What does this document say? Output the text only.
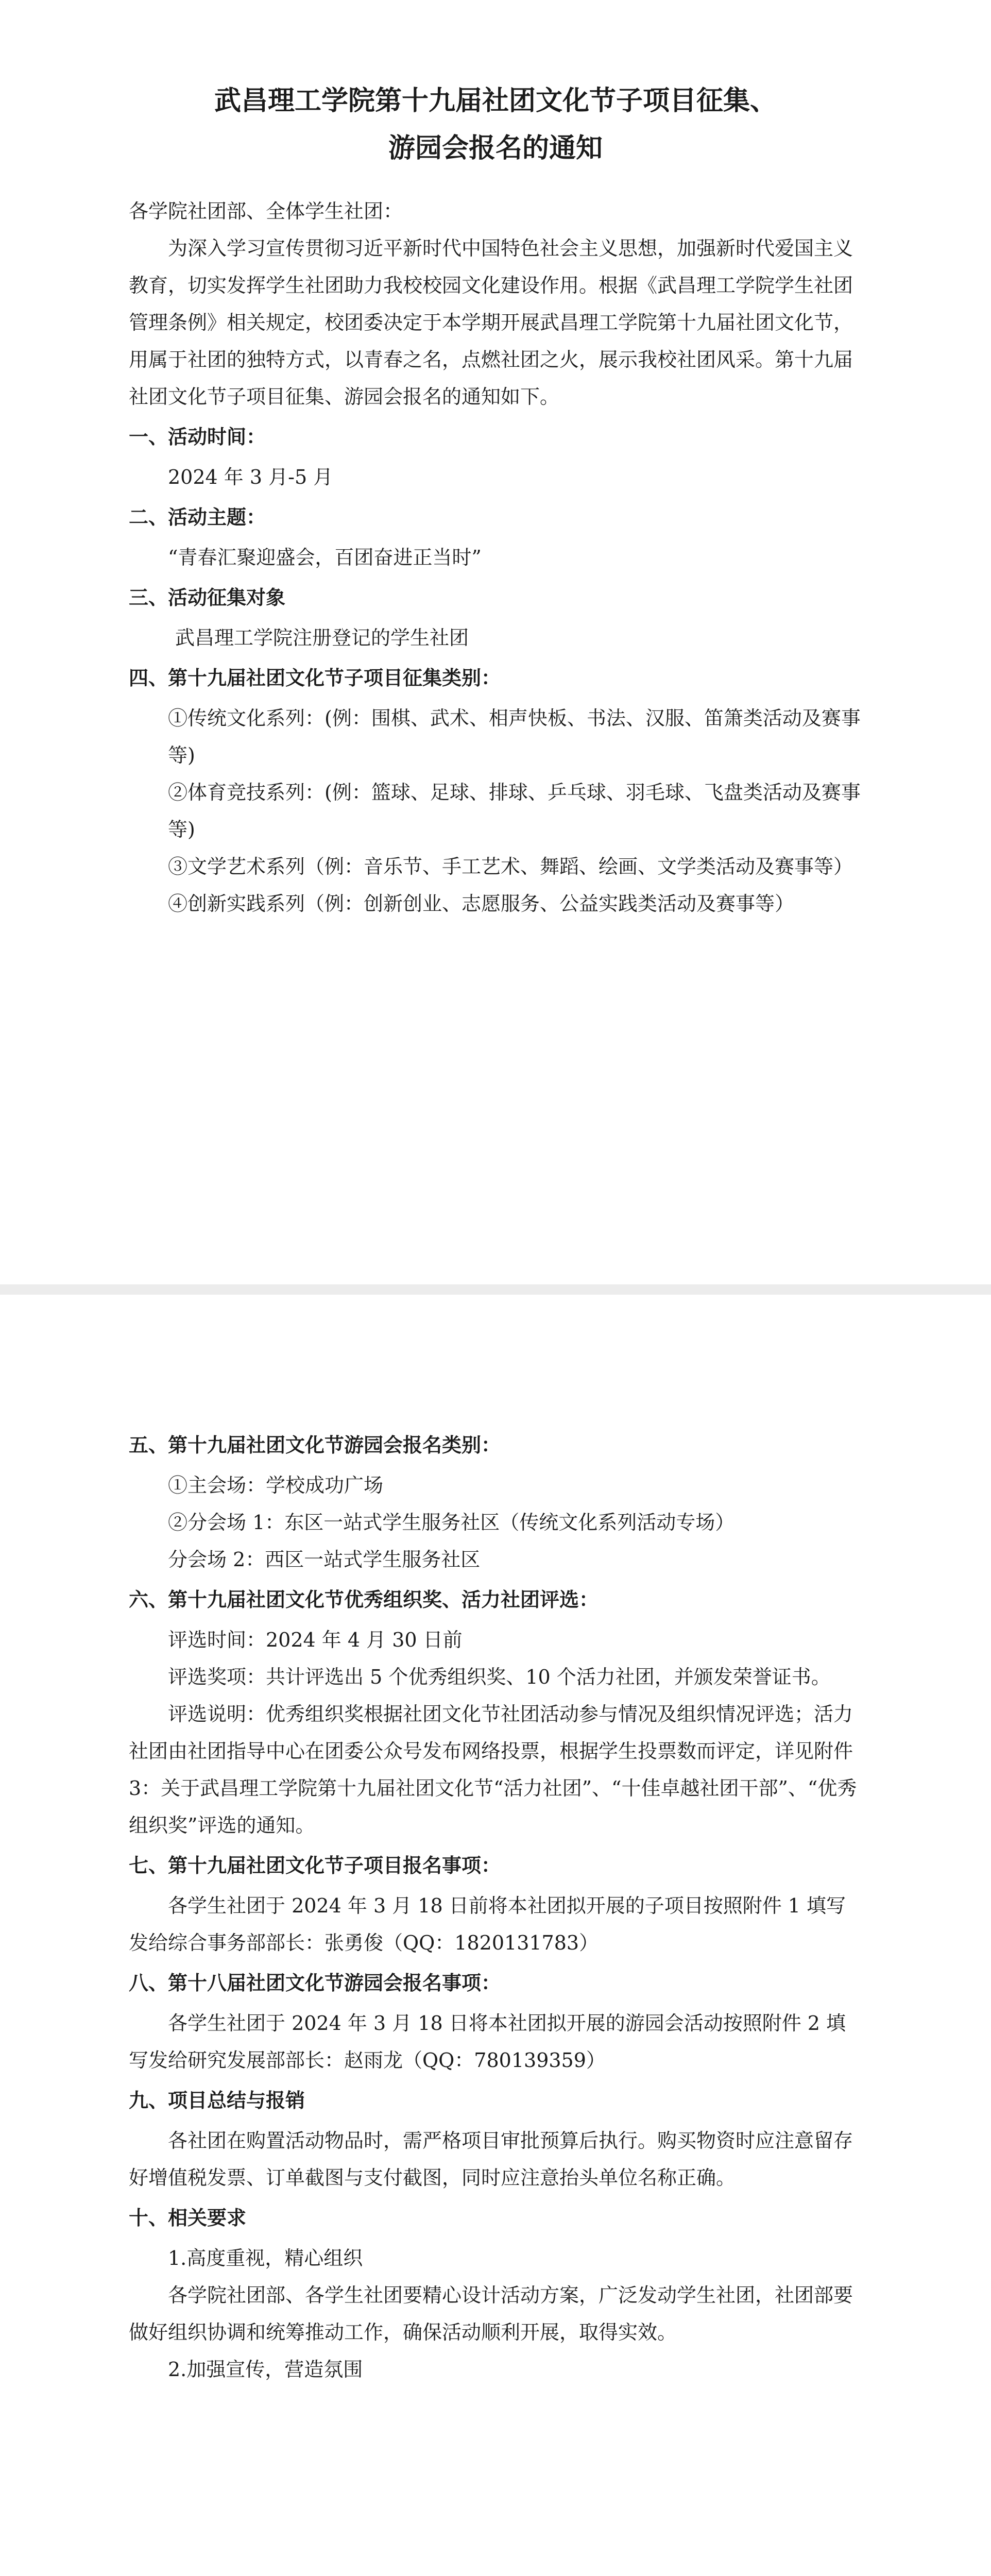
武昌理工学院第十九届社团文化节子项目征集、
游园会报名的通知

各学院社团部、全体学生社团：

为深入学习宣传贯彻习近平新时代中国特色社会主义思想，加强新时代爱国主义教育，切实发挥学生社团助力我校校园文化建设作用。根据《武昌理工学院学生社团管理条例》相关规定，校团委决定于本学期开展武昌理工学院第十九届社团文化节，用属于社团的独特方式，以青春之名，点燃社团之火，展示我校社团风采。第十九届社团文化节子项目征集、游园会报名的通知如下。

一、活动时间：

2024 年 3 月-5 月

二、活动主题：

“青春汇聚迎盛会，百团奋进正当时”

三、活动征集对象

武昌理工学院注册登记的学生社团

四、第十九届社团文化节子项目征集类别：

①传统文化系列：(例：围棋、武术、相声快板、书法、汉服、笛箫类活动及赛事等)

②体育竞技系列：(例：篮球、足球、排球、乒乓球、羽毛球、飞盘类活动及赛事等)

③文学艺术系列（例：音乐节、手工艺术、舞蹈、绘画、文学类活动及赛事等）

④创新实践系列（例：创新创业、志愿服务、公益实践类活动及赛事等）

五、第十九届社团文化节游园会报名类别：

①主会场：学校成功广场

②分会场 1：东区一站式学生服务社区（传统文化系列活动专场）

分会场 2：西区一站式学生服务社区

六、第十九届社团文化节优秀组织奖、活力社团评选：

评选时间：2024 年 4 月 30 日前

评选奖项：共计评选出 5 个优秀组织奖、10 个活力社团，并颁发荣誉证书。

评选说明：优秀组织奖根据社团文化节社团活动参与情况及组织情况评选；活力社团由社团指导中心在团委公众号发布网络投票，根据学生投票数而评定，详见附件 3：关于武昌理工学院第十九届社团文化节“活力社团”、“十佳卓越社团干部”、“优秀组织奖”评选的通知。

七、第十九届社团文化节子项目报名事项：

各学生社团于 2024 年 3 月 18 日前将本社团拟开展的子项目按照附件 1 填写发给综合事务部部长：张勇俊（QQ：1820131783）

八、第十八届社团文化节游园会报名事项：

各学生社团于 2024 年 3 月 18 日将本社团拟开展的游园会活动按照附件 2 填写发给研究发展部部长：赵雨龙（QQ：780139359）

九、项目总结与报销

各社团在购置活动物品时，需严格项目审批预算后执行。购买物资时应注意留存好增值税发票、订单截图与支付截图，同时应注意抬头单位名称正确。

十、相关要求

1.高度重视，精心组织

各学院社团部、各学生社团要精心设计活动方案，广泛发动学生社团，社团部要做好组织协调和统筹推动工作，确保活动顺利开展，取得实效。

2.加强宣传，营造氛围
